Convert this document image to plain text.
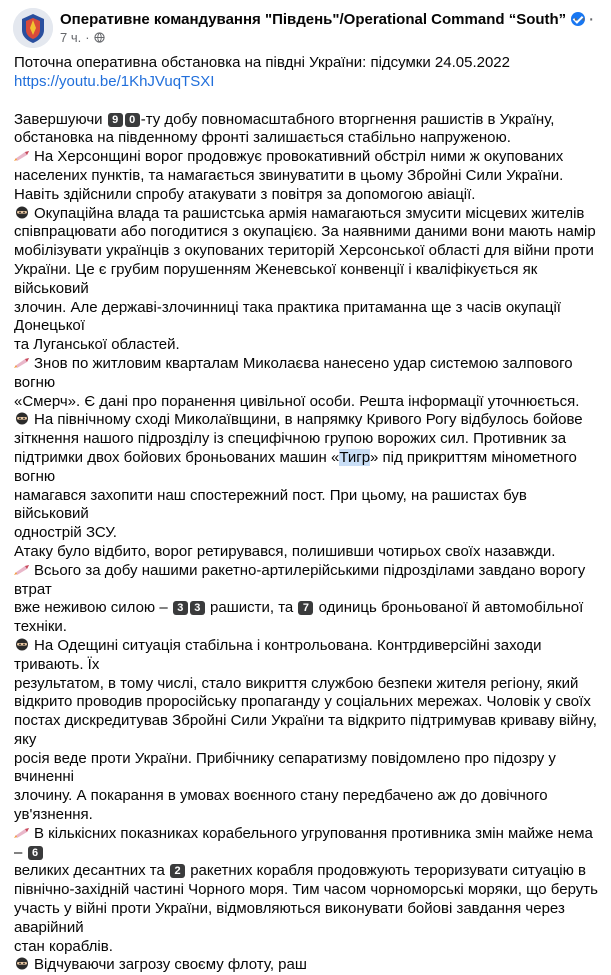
Оперативне командування "Південь"/Operational Command “South”
7 ч. ·
···

Поточна оперативна обстановка на півдні України: підсумки 24.05.2022

https://youtu.be/1KhJVuqTSXI

Завершуючи 9 0 -ту добу повномасштабного вторгнення рашистів в Україну,

обстановка на південному фронті залишається стабільно напруженою.

На Херсонщині ворог продовжує провокативний обстріл ними ж окупованих

населених пунктів, та намагається звинуватити в цьому Збройні Сили України.

Навіть здійснили спробу атакувати з повітря за допомогою авіації.

Окупаційна влада та рашистська армія намагаються змусити місцевих жителів

співпрацювати або погодитися з окупацією. За наявними даними вони мають намір

мобілізувати українців з окупованих територій Херсонської області для війни проти

України. Це є грубим порушенням Женевської конвенції і кваліфікується як військовий

злочин. Але державі-злочинниці така практика притаманна ще з часів окупації Донецької

та Луганської областей.

Знов по житловим кварталам Миколаєва нанесено удар системою залпового вогню

«Смерч». Є дані про поранення цивільної особи. Решта інформації уточнюється.

На північному сході Миколаївщини, в напрямку Кривого Рогу відбулось бойове

зіткнення нашого підрозділу із специфічною групою ворожих сил. Противник за

підтримки двох бойових броньованих машин «Тигр» під прикриттям мінометного вогню

намагався захопити наш спостережний пост. При цьому, на рашистах був військовий

однострій ЗСУ.

Атаку було відбито, ворог ретирувався, полишивши чотирьох своїх назавжди.

Всього за добу нашими ракетно-артилерійськими підрозділами завдано ворогу втрат

вже неживою силою – 3 3 рашисти, та 7 одиниць броньованої й автомобільної техніки.

На Одещині ситуація стабільна і контрольована. Контрдиверсійні заходи тривають. Їх

результатом, в тому числі, стало викриття службою безпеки жителя регіону, який

відкрито проводив проросійську пропаганду у соціальних мережах. Чоловік у своїх

постах дискредитував Збройні Сили України та відкрито підтримував криваву війну, яку

росія веде проти України. Прибічнику сепаратизму повідомлено про підозру у вчиненні

злочину. А покарання в умовах воєнного стану передбачено аж до довічного ув'язнення.

В кількісних показниках корабельного угруповання противника змін майже нема – 6

великих десантних та 2 ракетних корабля продовжують тероризувати ситуацію в

північно-західній частині Чорного моря. Тим часом чорноморські моряки, що беруть

участь у війні проти України, відмовляються виконувати бойові завдання через аварійний

стан кораблів.

Відчуваючи загрозу своєму флоту, раш
